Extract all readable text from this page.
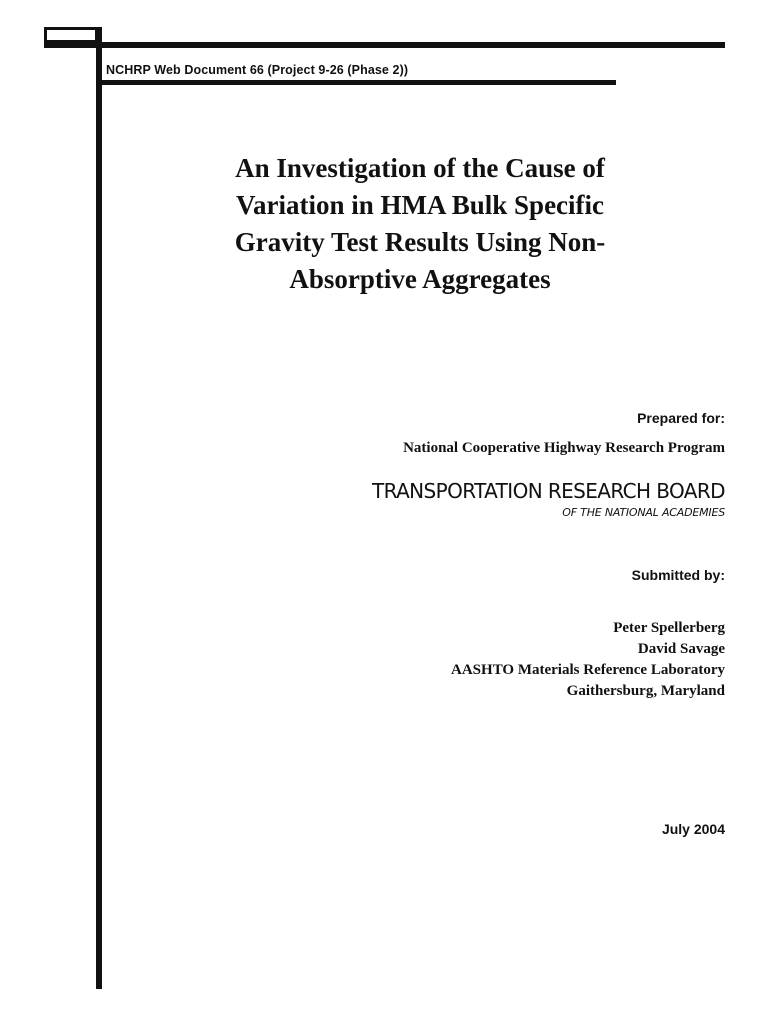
NCHRP Web Document 66 (Project 9-26 (Phase 2))
An Investigation of the Cause of
Variation in HMA Bulk Specific
Gravity Test Results Using Non-
Absorptive Aggregates
Prepared for:
National Cooperative Highway Research Program
TRANSPORTATION RESEARCH BOARD
OF THE NATIONAL ACADEMIES
Submitted by:
Peter Spellerberg
David Savage
AASHTO Materials Reference Laboratory
Gaithersburg, Maryland
July 2004
